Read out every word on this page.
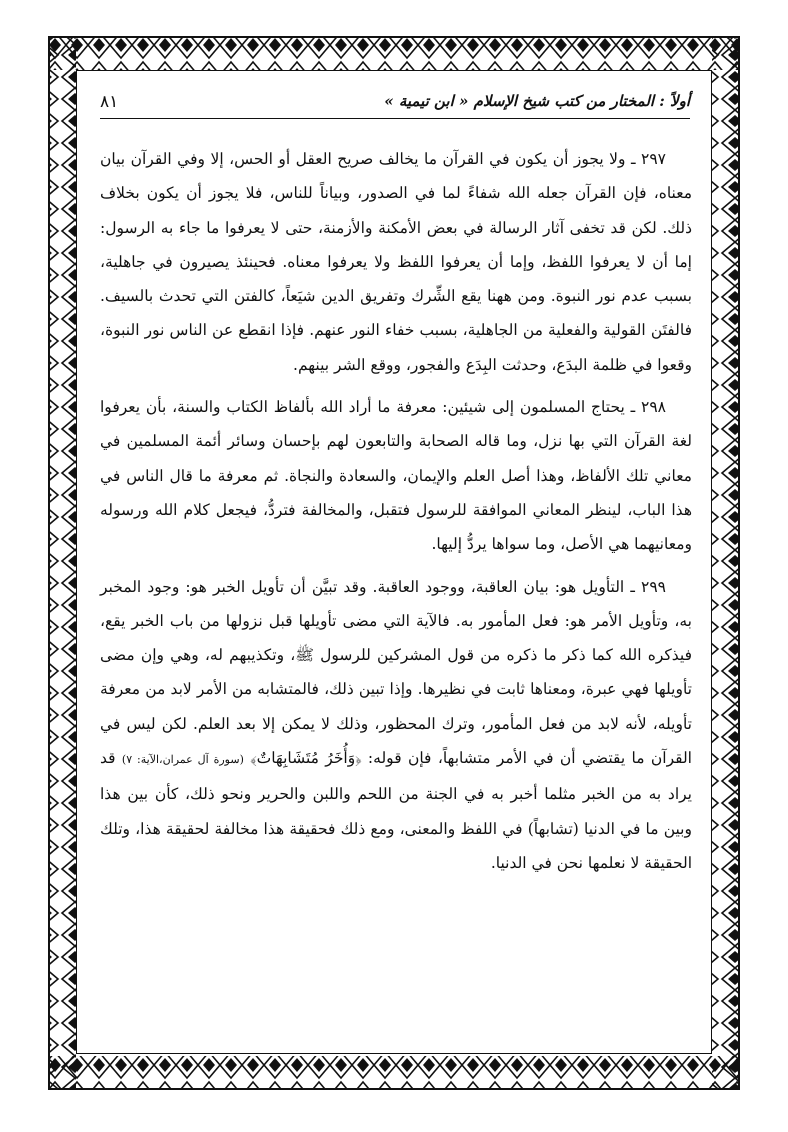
أولاً : المختار من كتب شيخ الإسلام « ابن تيمية »
٨١

٢٩٧ ـ ولا يجوز أن يكون في القرآن ما يخالف صريح العقل أو الحس، إلا وفي القرآن بيان معناه، فإن القرآن جعله الله شفاءً لما في الصدور، وبياناً للناس، فلا يجوز أن يكون بخلاف ذلك. لكن قد تخفى آثار الرسالة في بعض الأمكنة والأزمنة، حتى لا يعرفوا ما جاء به الرسول: إما أن لا يعرفوا اللفظ، وإما أن يعرفوا اللفظ ولا يعرفوا معناه. فحينئذ يصيرون في جاهلية، بسبب عدم نور النبوة. ومن ههنا يقع الشِّرك وتفريق الدين شيَعاً، كالفتن التي تحدث بالسيف. فالفتَن القولية والفعلية من الجاهلية، بسبب خفاء النور عنهم. فإذا انقطع عن الناس نور النبوة، وقعوا في ظلمة البدَع، وحدثت البِدَع والفجور، ووقع الشر بينهم.

٢٩٨ ـ يحتاج المسلمون إلى شيئين: معرفة ما أراد الله بألفاظ الكتاب والسنة، بأن يعرفوا لغة القرآن التي بها نزل، وما قاله الصحابة والتابعون لهم بإحسان وسائر أئمة المسلمين في معاني تلك الألفاظ، وهذا أصل العلم والإيمان، والسعادة والنجاة. ثم معرفة ما قال الناس في هذا الباب، لينظر المعاني الموافقة للرسول فتقبل، والمخالفة فتردُّ، فيجعل كلام الله ورسوله ومعانيهما هي الأصل، وما سواها يردُّ إليها.

٢٩٩ ـ التأويل هو: بيان العاقبة، ووجود العاقبة. وقد تبيَّن أن تأويل الخبر هو: وجود المخبر به، وتأويل الأمر هو: فعل المأمور به. فالآية التي مضى تأويلها قبل نزولها من باب الخبر يقع، فيذكره الله كما ذكر ما ذكره من قول المشركين للرسول ﷺ، وتكذيبهم له، وهي وإن مضى تأويلها فهي عبرة، ومعناها ثابت في نظيرها. وإذا تبين ذلك، فالمتشابه من الأمر لابد من معرفة تأويله، لأنه لابد من فعل المأمور، وترك المحظور، وذلك لا يمكن إلا بعد العلم. لكن ليس في القرآن ما يقتضي أن في الأمر متشابهاً، فإن قوله: ﴿وَأُخَرُ مُتَشَابِهَاتٌ﴾ (سورة آل عمران،الآية: ٧) قد يراد به من الخبر مثلما أخبر به في الجنة من اللحم واللبن والحرير ونحو ذلك، كأن بين هذا وبين ما في الدنيا (تشابهاً) في اللفظ والمعنى، ومع ذلك فحقيقة هذا مخالفة لحقيقة هذا، وتلك الحقيقة لا نعلمها نحن في الدنيا.
